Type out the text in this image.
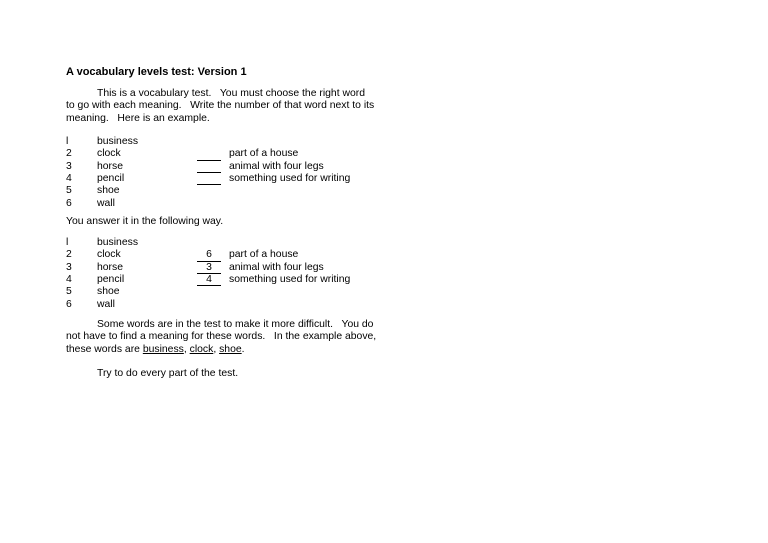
A vocabulary levels test: Version 1
This is a vocabulary test.   You must choose the right word
to go with each meaning.   Write the number of that word next to its
meaning.   Here is an example.
l	business
2 clock	part of a house
3 horse	animal with four legs
4 pencil	something used for writing
5 shoe
6 wall
You answer it in the following way.
l	business
2 clock	6	part of a house
3 horse	3	animal with four legs
4 pencil	4	something used for writing
5 shoe
6 wall
Some words are in the test to make it more difficult.   You do
not have to find a meaning for these words.   In the example above,
these words are business, clock, shoe.
Try to do every part of the test.
